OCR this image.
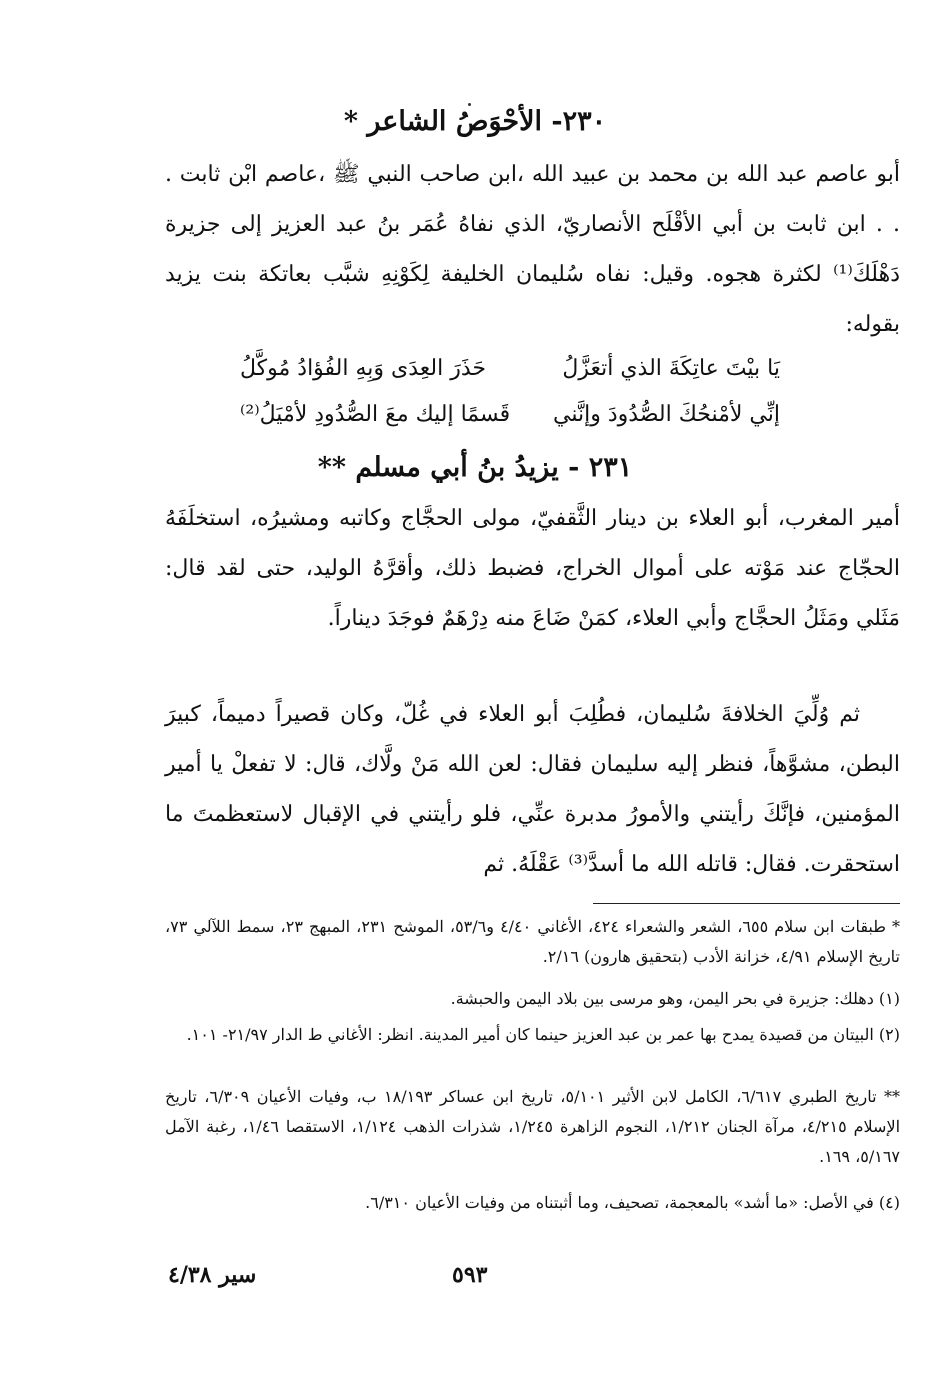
٢٣٠- الأحْوَصُ الشاعر *

أبو عاصم عبد الله بن محمد بن عبيد الله ،ابن صاحب النبي ﷺ ،عاصم ابْن ثابت . . . ابن ثابت بن أبي الأقْلَح الأنصاريّ، الذي نفاهُ عُمَر بنُ عبد العزيز إلى جزيرة دَهْلَكَ⁽¹⁾ لكثرة هجوه. وقيل: نفاه سُليمان الخليفة لِكَوْنِهِ شبَّب بعاتكة بنت يزيد بقوله:

يَا بيْتَ عاتِكَةَ الذي أتعَزَّلُ
حَذَرَ العِدَى وَبِهِ الفُؤادُ مُوكَّلُ
إنِّي لأمْنحُكَ الصُّدُودَ وإنَّني
قَسمًا إليك معَ الصُّدُودِ لأمْيَلُ⁽²⁾
٢٣١ - يزيدُ بنُ أبي مسلم **

أمير المغرب، أبو العلاء بن دينار الثَّقفيّ، مولى الحجَّاج وكاتبه ومشيرُه، استخلَفَهُ الحجّاج عند مَوْته على أموال الخراج، فضبط ذلك، وأقرَّهُ الوليد، حتى لقد قال: مَثَلي ومَثَلُ الحجَّاج وأبي العلاء، كمَنْ ضَاعَ منه دِرْهَمٌ فوجَدَ ديناراً.

ثم وُلِّيَ الخلافةَ سُليمان، فطُلِبَ أبو العلاء في غُلّ، وكان قصيراً دميماً، كبيرَ البطن، مشوَّهاً، فنظر إليه سليمان فقال: لعن الله مَنْ ولَّاك، قال: لا تفعلْ يا أمير المؤمنين، فإنَّكَ رأيتني والأمورُ مدبرة عنِّي، فلو رأيتني في الإقبال لاستعظمتَ ما استحقرت. فقال: قاتله الله ما أسدَّ⁽³⁾ عَقْلَهُ. ثم

* طبقات ابن سلام ٦٥٥، الشعر والشعراء ٤٢٤، الأغاني ٤/٤٠ و٥٣/٦، الموشح ٢٣١، المبهج ٢٣، سمط اللآلي ٧٣، تاريخ الإسلام ٤/٩١، خزانة الأدب (بتحقيق هارون) ٢/١٦.

(١) دهلك: جزيرة في بحر اليمن، وهو مرسى بين بلاد اليمن والحبشة.

(٢) البيتان من قصيدة يمدح بها عمر بن عبد العزيز حينما كان أمير المدينة. انظر: الأغاني ط الدار ٢١/٩٧- ١٠١.

** تاريخ الطبري ٦/٦١٧، الكامل لابن الأثير ٥/١٠١، تاريخ ابن عساكر ١٨/١٩٣ ب، وفيات الأعيان ٦/٣٠٩، تاريخ الإسلام ٤/٢١٥، مرآة الجنان ١/٢١٢، النجوم الزاهرة ١/٢٤٥، شذرات الذهب ١/١٢٤، الاستقصا ١/٤٦، رغبة الآمل ٥/١٦٧، ١٦٩.

(٤) في الأصل: «ما أشد» بالمعجمة، تصحيف، وما أثبتناه من وفيات الأعيان ٦/٣١٠.

٥٩٣
سير ٤/٣٨
